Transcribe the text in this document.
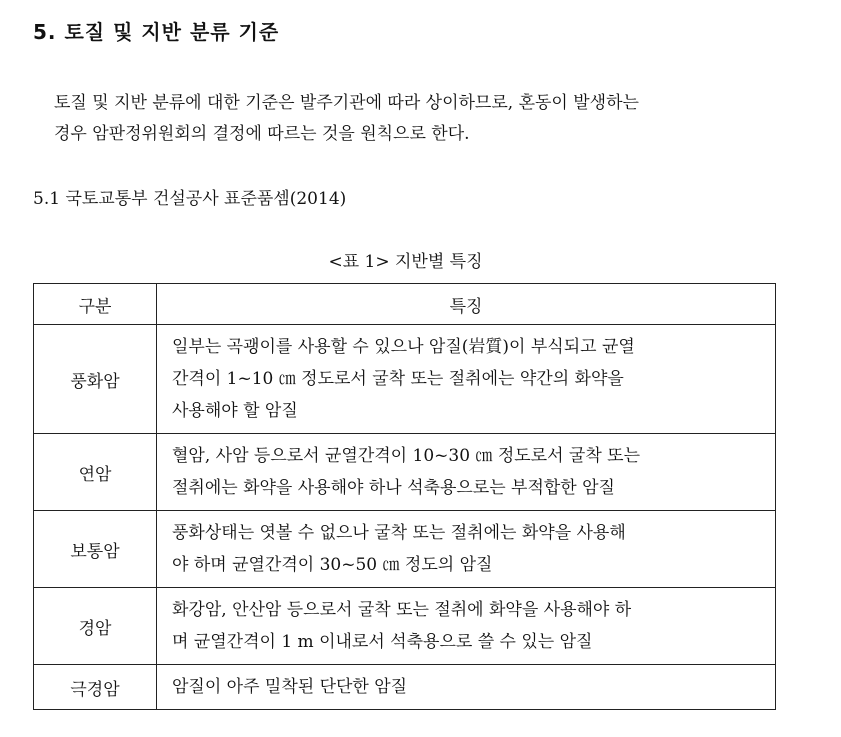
5. 토질 및 지반 분류 기준
토질 및 지반 분류에 대한 기준은 발주기관에 따라 상이하므로, 혼동이 발생하는
경우 암판정위원회의 결정에 따르는 것을 원칙으로 한다.
5.1 국토교통부 건설공사 표준품셈(2014)
<표 1> 지반별 특징
구분	특징
풍화암	일부는 곡괭이를 사용할 수 있으나 암질(岩質)이 부식되고 균열
간격이 1~10 ㎝ 정도로서 굴착 또는 절취에는 약간의 화약을
사용해야 할 암질

연암	혈암, 사암 등으로서 균열간격이 10~30 ㎝ 정도로서 굴착 또는
절취에는 화약을 사용해야 하나 석축용으로는 부적합한 암질

보통암	풍화상태는 엿볼 수 없으나 굴착 또는 절취에는 화약을 사용해
야 하며 균열간격이 30~50 ㎝ 정도의 암질

경암	화강암, 안산암 등으로서 굴착 또는 절취에 화약을 사용해야 하
며 균열간격이 1 m 이내로서 석축용으로 쓸 수 있는 암질

극경암	암질이 아주 밀착된 단단한 암질
